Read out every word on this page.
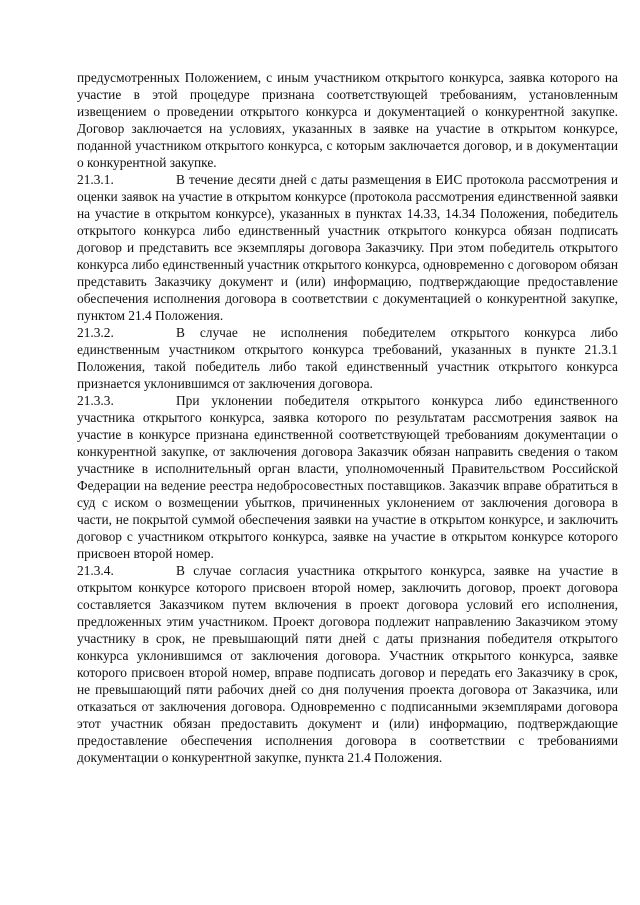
предусмотренных Положением, с иным участником открытого конкурса, заявка которого на участие в этой процедуре признана соответствующей требованиям, установленным извещением о проведении открытого конкурса и документацией о конкурентной закупке. Договор заключается на условиях, указанных в заявке на участие в открытом конкурсе, поданной участником открытого конкурса, с которым заключается договор, и в документации о конкурентной закупке.

21.3.1.	В течение десяти дней с даты размещения в ЕИС протокола рассмотрения и оценки заявок на участие в открытом конкурсе (протокола рассмотрения единственной заявки на участие в открытом конкурсе), указанных в пунктах 14.33, 14.34 Положения, победитель открытого конкурса либо единственный участник открытого конкурса обязан подписать договор и представить все экземпляры договора Заказчику. При этом победитель открытого конкурса либо единственный участник открытого конкурса, одновременно с договором обязан представить Заказчику документ и (или) информацию, подтверждающие предоставление обеспечения исполнения договора в соответствии с документацией о конкурентной закупке, пунктом 21.4 Положения.

21.3.2.	В случае не исполнения победителем открытого конкурса либо единственным участником открытого конкурса требований, указанных в пункте 21.3.1 Положения, такой победитель либо такой единственный участник открытого конкурса признается уклонившимся от заключения договора.

21.3.3.	При уклонении победителя открытого конкурса либо единственного участника открытого конкурса, заявка которого по результатам рассмотрения заявок на участие в конкурсе признана единственной соответствующей требованиям документации о конкурентной закупке, от заключения договора Заказчик обязан направить сведения о таком участнике в исполнительный орган власти, уполномоченный Правительством Российской Федерации на ведение реестра недобросовестных поставщиков. Заказчик вправе обратиться в суд с иском о возмещении убытков, причиненных уклонением от заключения договора в части, не покрытой суммой обеспечения заявки на участие в открытом конкурсе, и заключить договор с участником открытого конкурса, заявке на участие в открытом конкурсе которого присвоен второй номер.

21.3.4.	В случае согласия участника открытого конкурса, заявке на участие в открытом конкурсе которого присвоен второй номер, заключить договор, проект договора составляется Заказчиком путем включения в проект договора условий его исполнения, предложенных этим участником. Проект договора подлежит направлению Заказчиком этому участнику в срок, не превышающий пяти дней с даты признания победителя открытого конкурса уклонившимся от заключения договора. Участник открытого конкурса, заявке которого присвоен второй номер, вправе подписать договор и передать его Заказчику в срок, не превышающий пяти рабочих дней со дня получения проекта договора от Заказчика, или отказаться от заключения договора. Одновременно с подписанными экземплярами договора этот участник обязан предоставить документ и (или) информацию, подтверждающие предоставление обеспечения исполнения договора в соответствии с требованиями документации о конкурентной закупке, пункта 21.4 Положения.
